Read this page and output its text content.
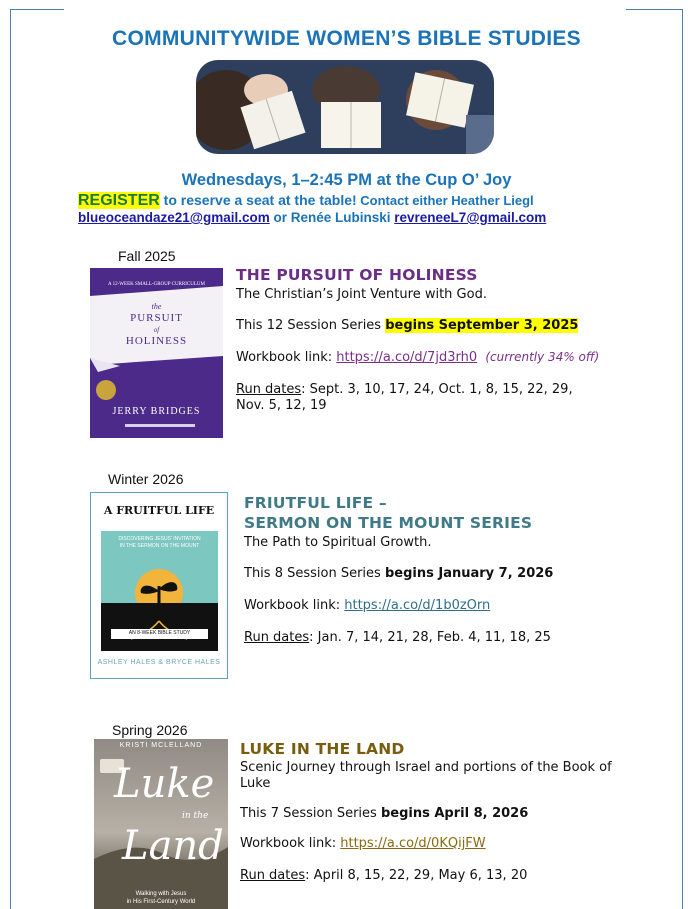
COMMUNITYWIDE WOMEN’S BIBLE STUDIES
Wednesdays, 1–2:45 PM at the Cup O’ Joy
REGISTER to reserve a seat at the table! Contact either Heather Liegl
blueoceandaze21@gmail.com or Renée Lubinski revreneeL7@gmail.com
Fall 2025
A 12-WEEK SMALL-GROUP CURRICULUM
the
PURSUIT
of
HOLINESS
JERRY BRIDGES
THE PURSUIT OF HOLINESS
The Christian’s Joint Venture with God.
This 12 Session Series begins September 3, 2025
Workbook link: https://a.co/d/7jd3rh0 (currently 34% off)
Run dates: Sept. 3, 10, 17, 24, Oct. 1, 8, 15, 22, 29,
Nov. 5, 12, 19
Winter 2026
A FRUITFUL LIFE
DISCOVERING JESUS' INVITATION
IN THE SERMON ON THE MOUNT
AN 8-WEEK BIBLE STUDY
ASHLEY HALES & BRYCE HALES
FRIUTFUL LIFE –
SERMON ON THE MOUNT SERIES
The Path to Spiritual Growth.
This 8 Session Series begins January 7, 2026
Workbook link: https://a.co/d/1b0zOrn
Run dates: Jan. 7, 14, 21, 28, Feb. 4, 11, 18, 25
Spring 2026
KRISTI MCLELLAND
Luke
in the
Land
Walking with Jesus
in His First-Century World
LUKE IN THE LAND
Scenic Journey through Israel and portions of the Book of
Luke
This 7 Session Series begins April 8, 2026
Workbook link: https://a.co/d/0KQijFW
Run dates: April 8, 15, 22, 29, May 6, 13, 20
